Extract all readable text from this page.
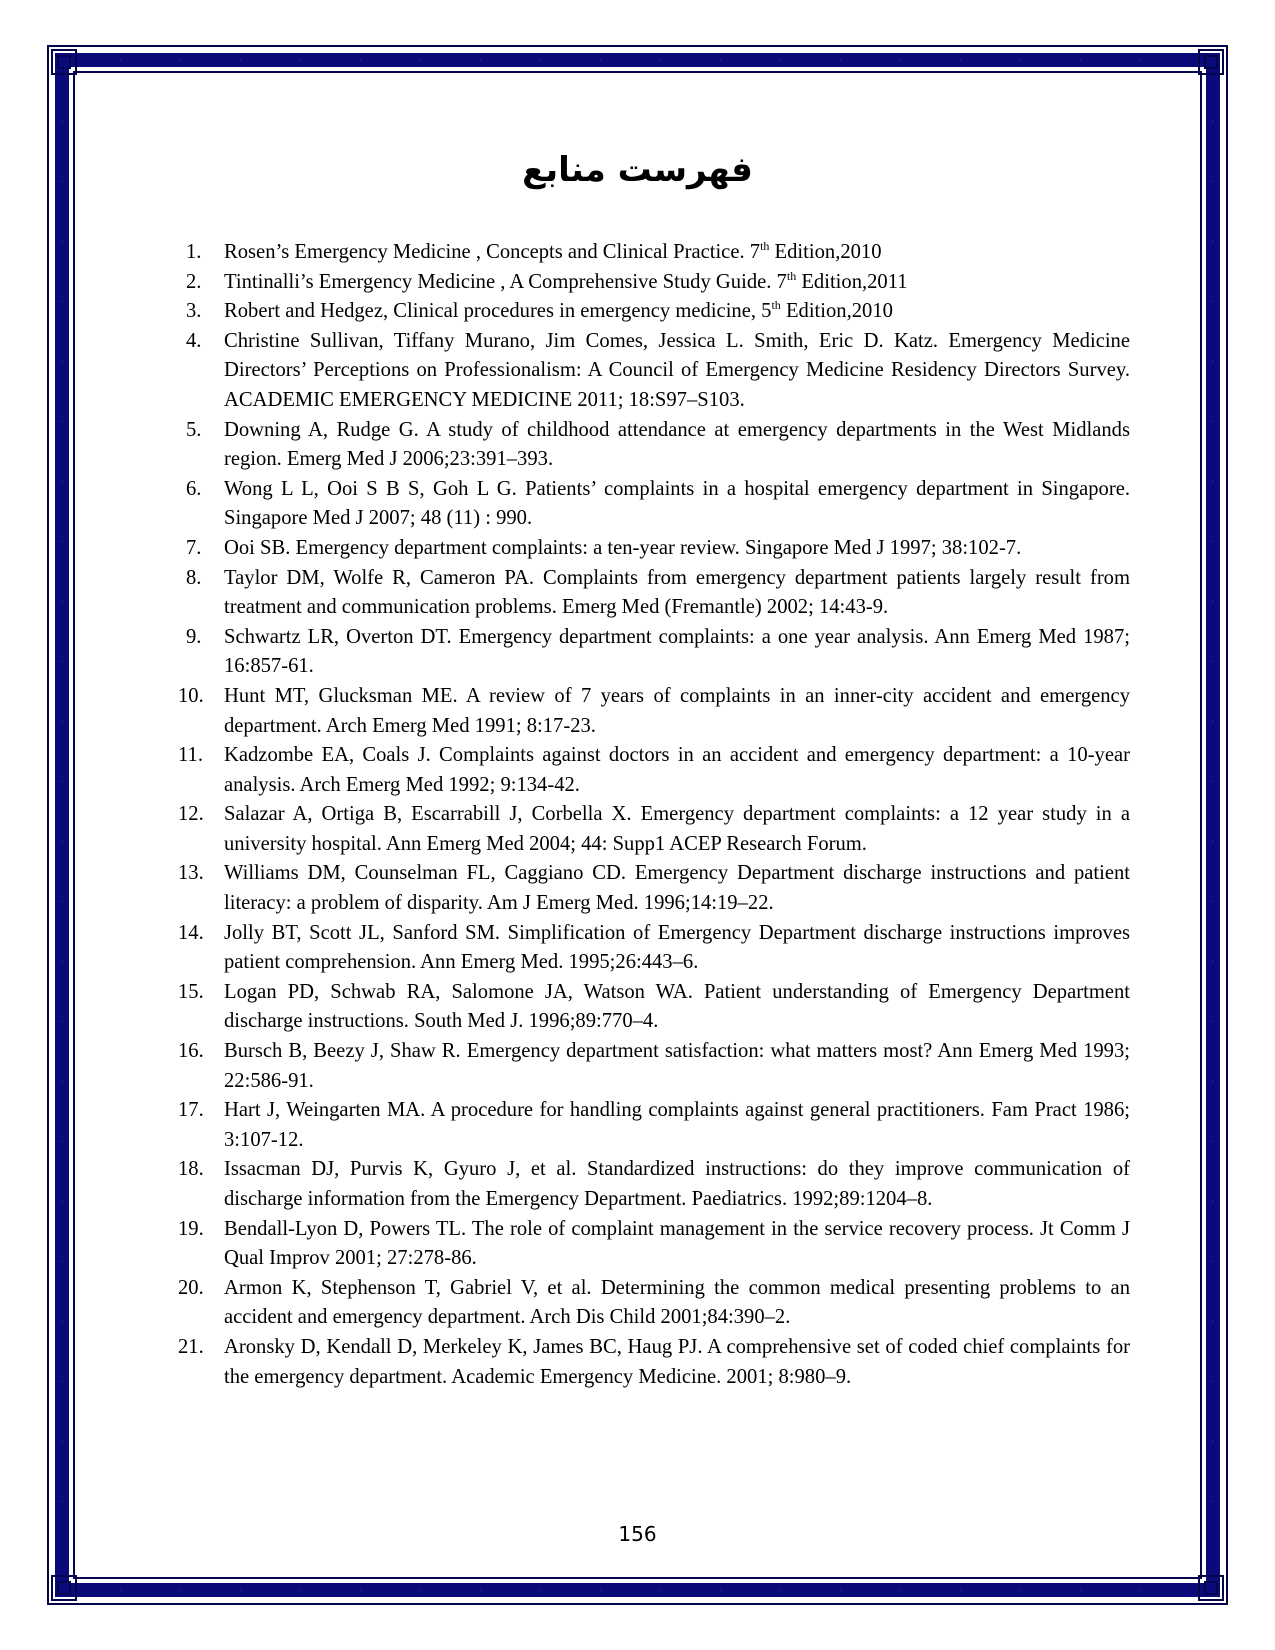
فهرست منابع
1.	Rosen’s Emergency Medicine , Concepts and Clinical Practice. 7th Edition,2010
2.	Tintinalli’s Emergency Medicine , A Comprehensive Study Guide. 7th Edition,2011
3.	Robert and Hedgez, Clinical procedures in emergency medicine, 5th Edition,2010
4.	Christine Sullivan, Tiffany Murano, Jim Comes, Jessica L. Smith, Eric D. Katz. Emergency Medicine Directors’ Perceptions on Professionalism: A Council of Emergency Medicine Residency Directors Survey. ACADEMIC EMERGENCY MEDICINE 2011; 18:S97–S103.
5.	Downing A, Rudge G. A study of childhood attendance at emergency departments in the West Midlands region. Emerg Med J 2006;23:391–393.
6.	Wong L L, Ooi S B S, Goh L G. Patients’ complaints in a hospital emergency department in Singapore. Singapore Med J 2007; 48 (11) : 990.
7.	Ooi SB. Emergency department complaints: a ten-year review. Singapore Med J 1997; 38:102-7.
8.	Taylor DM, Wolfe R, Cameron PA. Complaints from emergency department patients largely result from treatment and communication problems. Emerg Med (Fremantle) 2002; 14:43-9.
9.	Schwartz LR, Overton DT. Emergency department complaints: a one year analysis. Ann Emerg Med 1987; 16:857-61.
10. Hunt MT, Glucksman ME. A review of 7 years of complaints in an inner-city accident and emergency department. Arch Emerg Med 1991; 8:17-23.
11.	Kadzombe EA, Coals J. Complaints against doctors in an accident and emergency department: a 10-year analysis. Arch Emerg Med 1992; 9:134-42.
12. Salazar A, Ortiga B, Escarrabill J, Corbella X. Emergency department complaints: a 12 year study in a university hospital. Ann Emerg Med 2004; 44: Supp1 ACEP Research Forum.
13. Williams DM, Counselman FL, Caggiano CD. Emergency Department discharge instructions and patient literacy: a problem of disparity. Am J Emerg Med. 1996;14:19–22.
14. Jolly BT, Scott JL, Sanford SM. Simplification of Emergency Department discharge instructions improves patient comprehension. Ann Emerg Med. 1995;26:443–6.
15. Logan PD, Schwab RA, Salomone JA, Watson WA. Patient understanding of Emergency Department discharge instructions. South Med J. 1996;89:770–4.
16. Bursch B, Beezy J, Shaw R. Emergency department satisfaction: what matters most? Ann Emerg Med 1993; 22:586-91.
17. Hart J, Weingarten MA. A procedure for handling complaints against general practitioners. Fam Pract 1986; 3:107-12.
18. Issacman DJ, Purvis K, Gyuro J, et al. Standardized instructions: do they improve communication of discharge information from the Emergency Department. Paediatrics. 1992;89:1204–8.
19. Bendall-Lyon D, Powers TL. The role of complaint management in the service recovery process. Jt Comm J Qual Improv 2001; 27:278-86.
20. Armon K, Stephenson T, Gabriel V, et al. Determining the common medical presenting problems to an accident and emergency department. Arch Dis Child 2001;84:390–2.
21. Aronsky D, Kendall D, Merkeley K, James BC, Haug PJ. A comprehensive set of coded chief complaints for the emergency department. Academic Emergency Medicine. 2001; 8:980–9.
156
